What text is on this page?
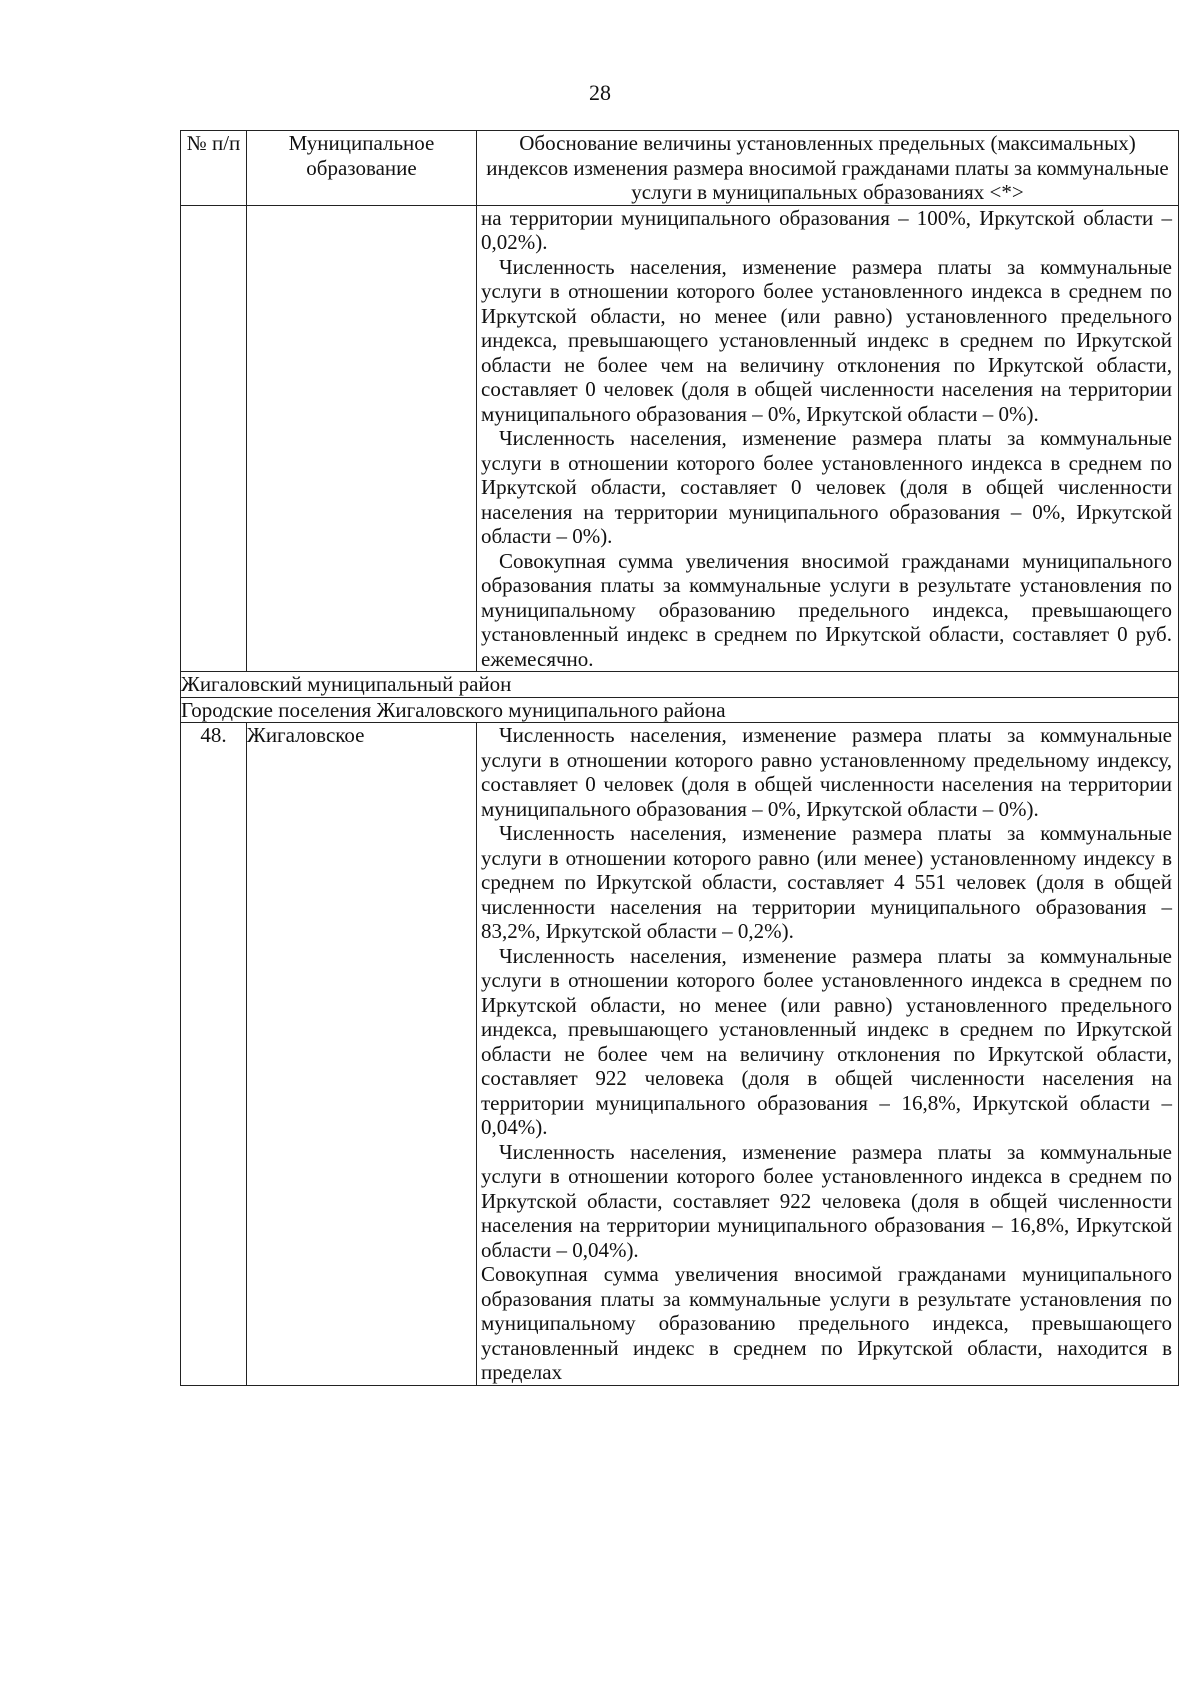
28
№ п/п	Муниципальное образование	Обоснование величины установленных предельных (максимальных) индексов изменения размера вносимой гражданами платы за коммунальные услуги в муниципальных образованиях <*>

		на территории муниципального образования – 100%, Иркутской области – 0,02%).

Численность населения, изменение размера платы за коммунальные услуги в отношении которого более установленного индекса в среднем по Иркутской области, но менее (или равно) установленного предельного индекса, превышающего установленный индекс в среднем по Иркутской области не более чем на величину отклонения по Иркутской области, составляет 0 человек (доля в общей численности населения на территории муниципального образования – 0%, Иркутской области – 0%).

Численность населения, изменение размера платы за коммунальные услуги в отношении которого более установленного индекса в среднем по Иркутской области, составляет 0 человек (доля в общей численности населения на территории муниципального образования – 0%, Иркутской области – 0%).

Совокупная сумма увеличения вносимой гражданами муниципального образования платы за коммунальные услуги в результате установления по муниципальному образованию предельного индекса, превышающего установленный индекс в среднем по Иркутской области, составляет 0 руб. ежемесячно.

Жигаловский муниципальный район		
Городские поселения Жигаловского муниципального района		
48.	Жигаловское	Численность населения, изменение размера платы за коммунальные услуги в отношении которого равно установленному предельному индексу, составляет 0 человек (доля в общей численности населения на территории муниципального образования – 0%, Иркутской области – 0%).

Численность населения, изменение размера платы за коммунальные услуги в отношении которого равно (или менее) установленному индексу в среднем по Иркутской области, составляет 4 551 человек (доля в общей численности населения на территории муниципального образования – 83,2%, Иркутской области – 0,2%).

Численность населения, изменение размера платы за коммунальные услуги в отношении которого более установленного индекса в среднем по Иркутской области, но менее (или равно) установленного предельного индекса, превышающего установленный индекс в среднем по Иркутской области не более чем на величину отклонения по Иркутской области, составляет 922 человека (доля в общей численности населения на территории муниципального образования – 16,8%, Иркутской области – 0,04%).

Численность населения, изменение размера платы за коммунальные услуги в отношении которого более установленного индекса в среднем по Иркутской области, составляет 922 человека (доля в общей численности населения на территории муниципального образования – 16,8%, Иркутской области – 0,04%).

Совокупная сумма увеличения вносимой гражданами муниципального образования платы за коммунальные услуги в результате установления по муниципальному образованию предельного индекса, превышающего установленный индекс в среднем по Иркутской области, находится в пределах
